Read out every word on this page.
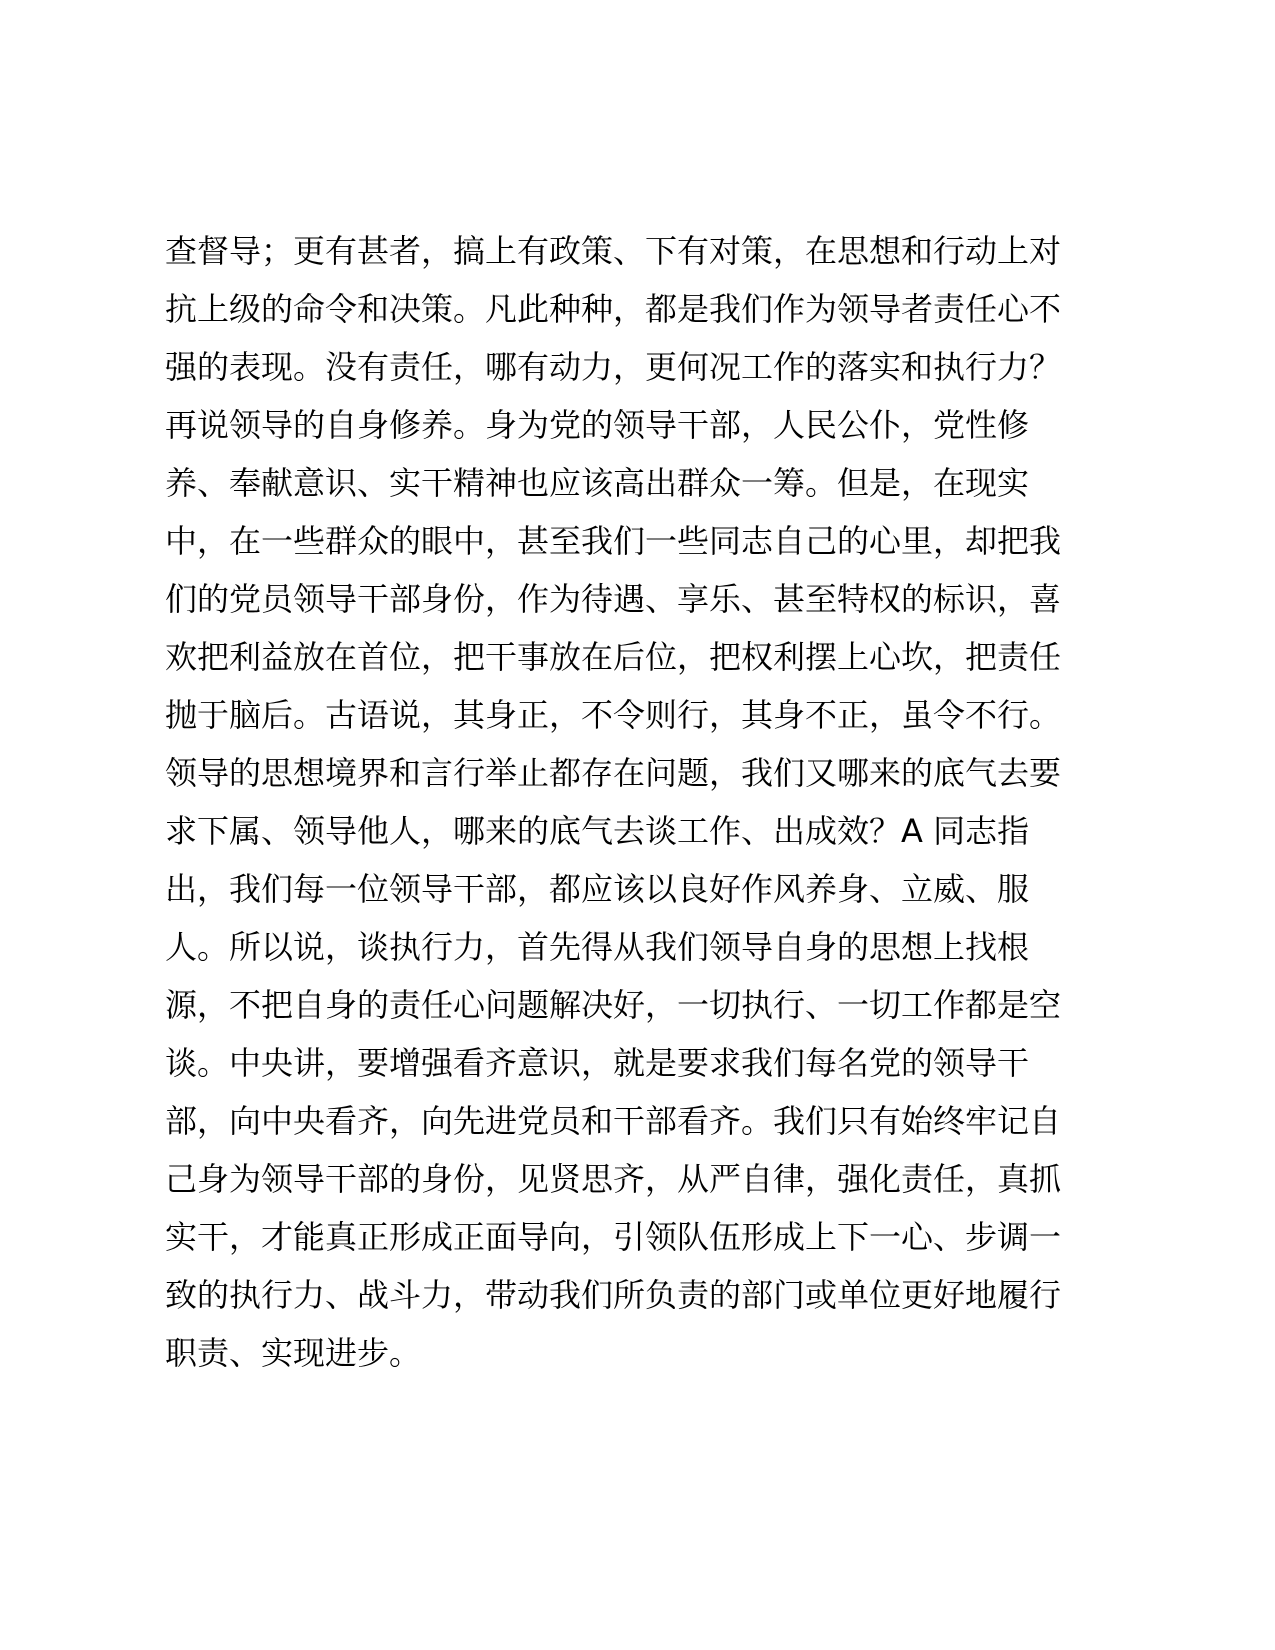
查督导；更有甚者，搞上有政策、下有对策，在思想和行动上对
抗上级的命令和决策。凡此种种，都是我们作为领导者责任心不
强的表现。没有责任，哪有动力，更何况工作的落实和执行力？
再说领导的自身修养。身为党的领导干部，人民公仆，党性修
养、奉献意识、实干精神也应该高出群众一筹。但是，在现实
中，在一些群众的眼中，甚至我们一些同志自己的心里，却把我
们的党员领导干部身份，作为待遇、享乐、甚至特权的标识，喜
欢把利益放在首位，把干事放在后位，把权利摆上心坎，把责任
抛于脑后。古语说，其身正，不令则行，其身不正，虽令不行。
领导的思想境界和言行举止都存在问题，我们又哪来的底气去要
求下属、领导他人，哪来的底气去谈工作、出成效？A 同志指
出，我们每一位领导干部，都应该以良好作风养身、立威、服
人。所以说，谈执行力，首先得从我们领导自身的思想上找根
源，不把自身的责任心问题解决好，一切执行、一切工作都是空
谈。中央讲，要增强看齐意识，就是要求我们每名党的领导干
部，向中央看齐，向先进党员和干部看齐。我们只有始终牢记自
己身为领导干部的身份，见贤思齐，从严自律，强化责任，真抓
实干，才能真正形成正面导向，引领队伍形成上下一心、步调一
致的执行力、战斗力，带动我们所负责的部门或单位更好地履行
职责、实现进步。
